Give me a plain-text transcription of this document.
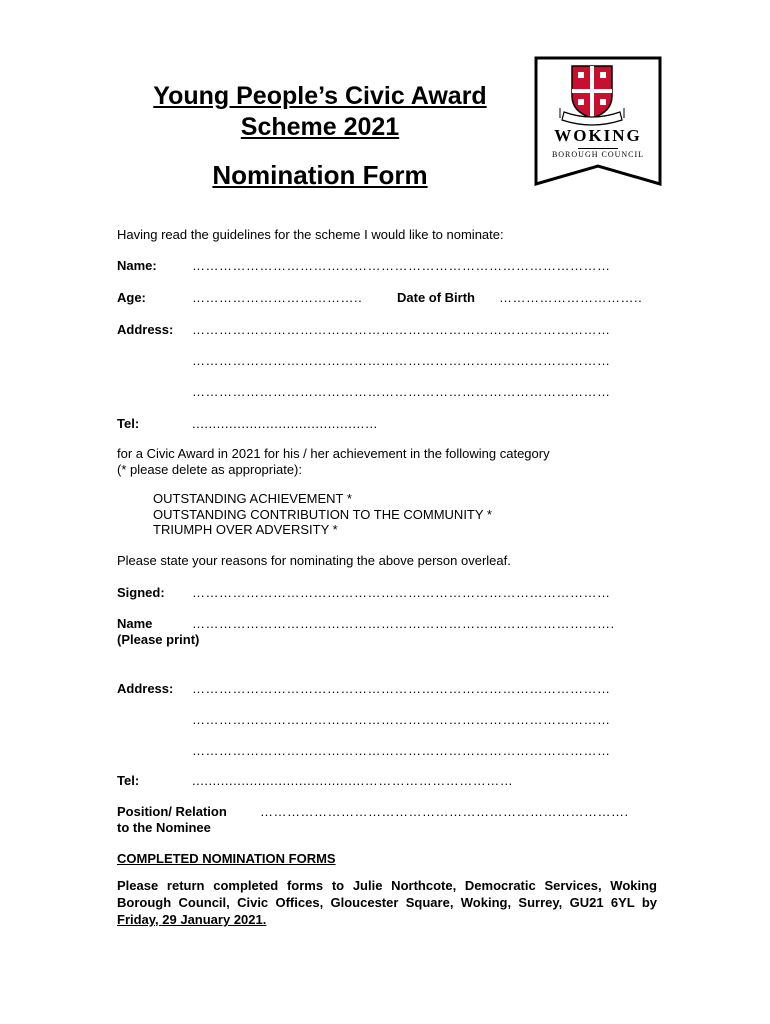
Young People’s Civic Award
Scheme 2021
Nomination Form
WOKING
BOROUGH COUNCIL
Having read the guidelines for the scheme I would like to nominate:
Name:	…………………………………………………………………………………
Age:	………………………………..	Date of Birth …………………………..
Address: …………………………………………………………………………………
…………………………………………………………………………………
…………………………………………………………………………………
Tel:	..........................................…
for a Civic Award in 2021 for his / her achievement in the following category
(* please delete as appropriate):
OUTSTANDING ACHIEVEMENT *
OUTSTANDING CONTRIBUTION TO THE COMMUNITY *
TRIUMPH OVER ADVERSITY *
Please state your reasons for nominating the above person overleaf.
Signed: …………………………………………………………………………………
Name	………………………………………………………………………………….
(Please print)
Address: …………………………………………………………………………………
…………………………………………………………………………………
…………………………………………………………………………………
Tel:	..........................................……………………………
Position/ Relation
to the Nominee
……………………………………………………………………….
COMPLETED NOMINATION FORMS
Please return completed forms to Julie Northcote, Democratic Services, Woking Borough Council, Civic Offices, Gloucester Square, Woking, Surrey, GU21 6YL by Friday, 29 January 2021.
